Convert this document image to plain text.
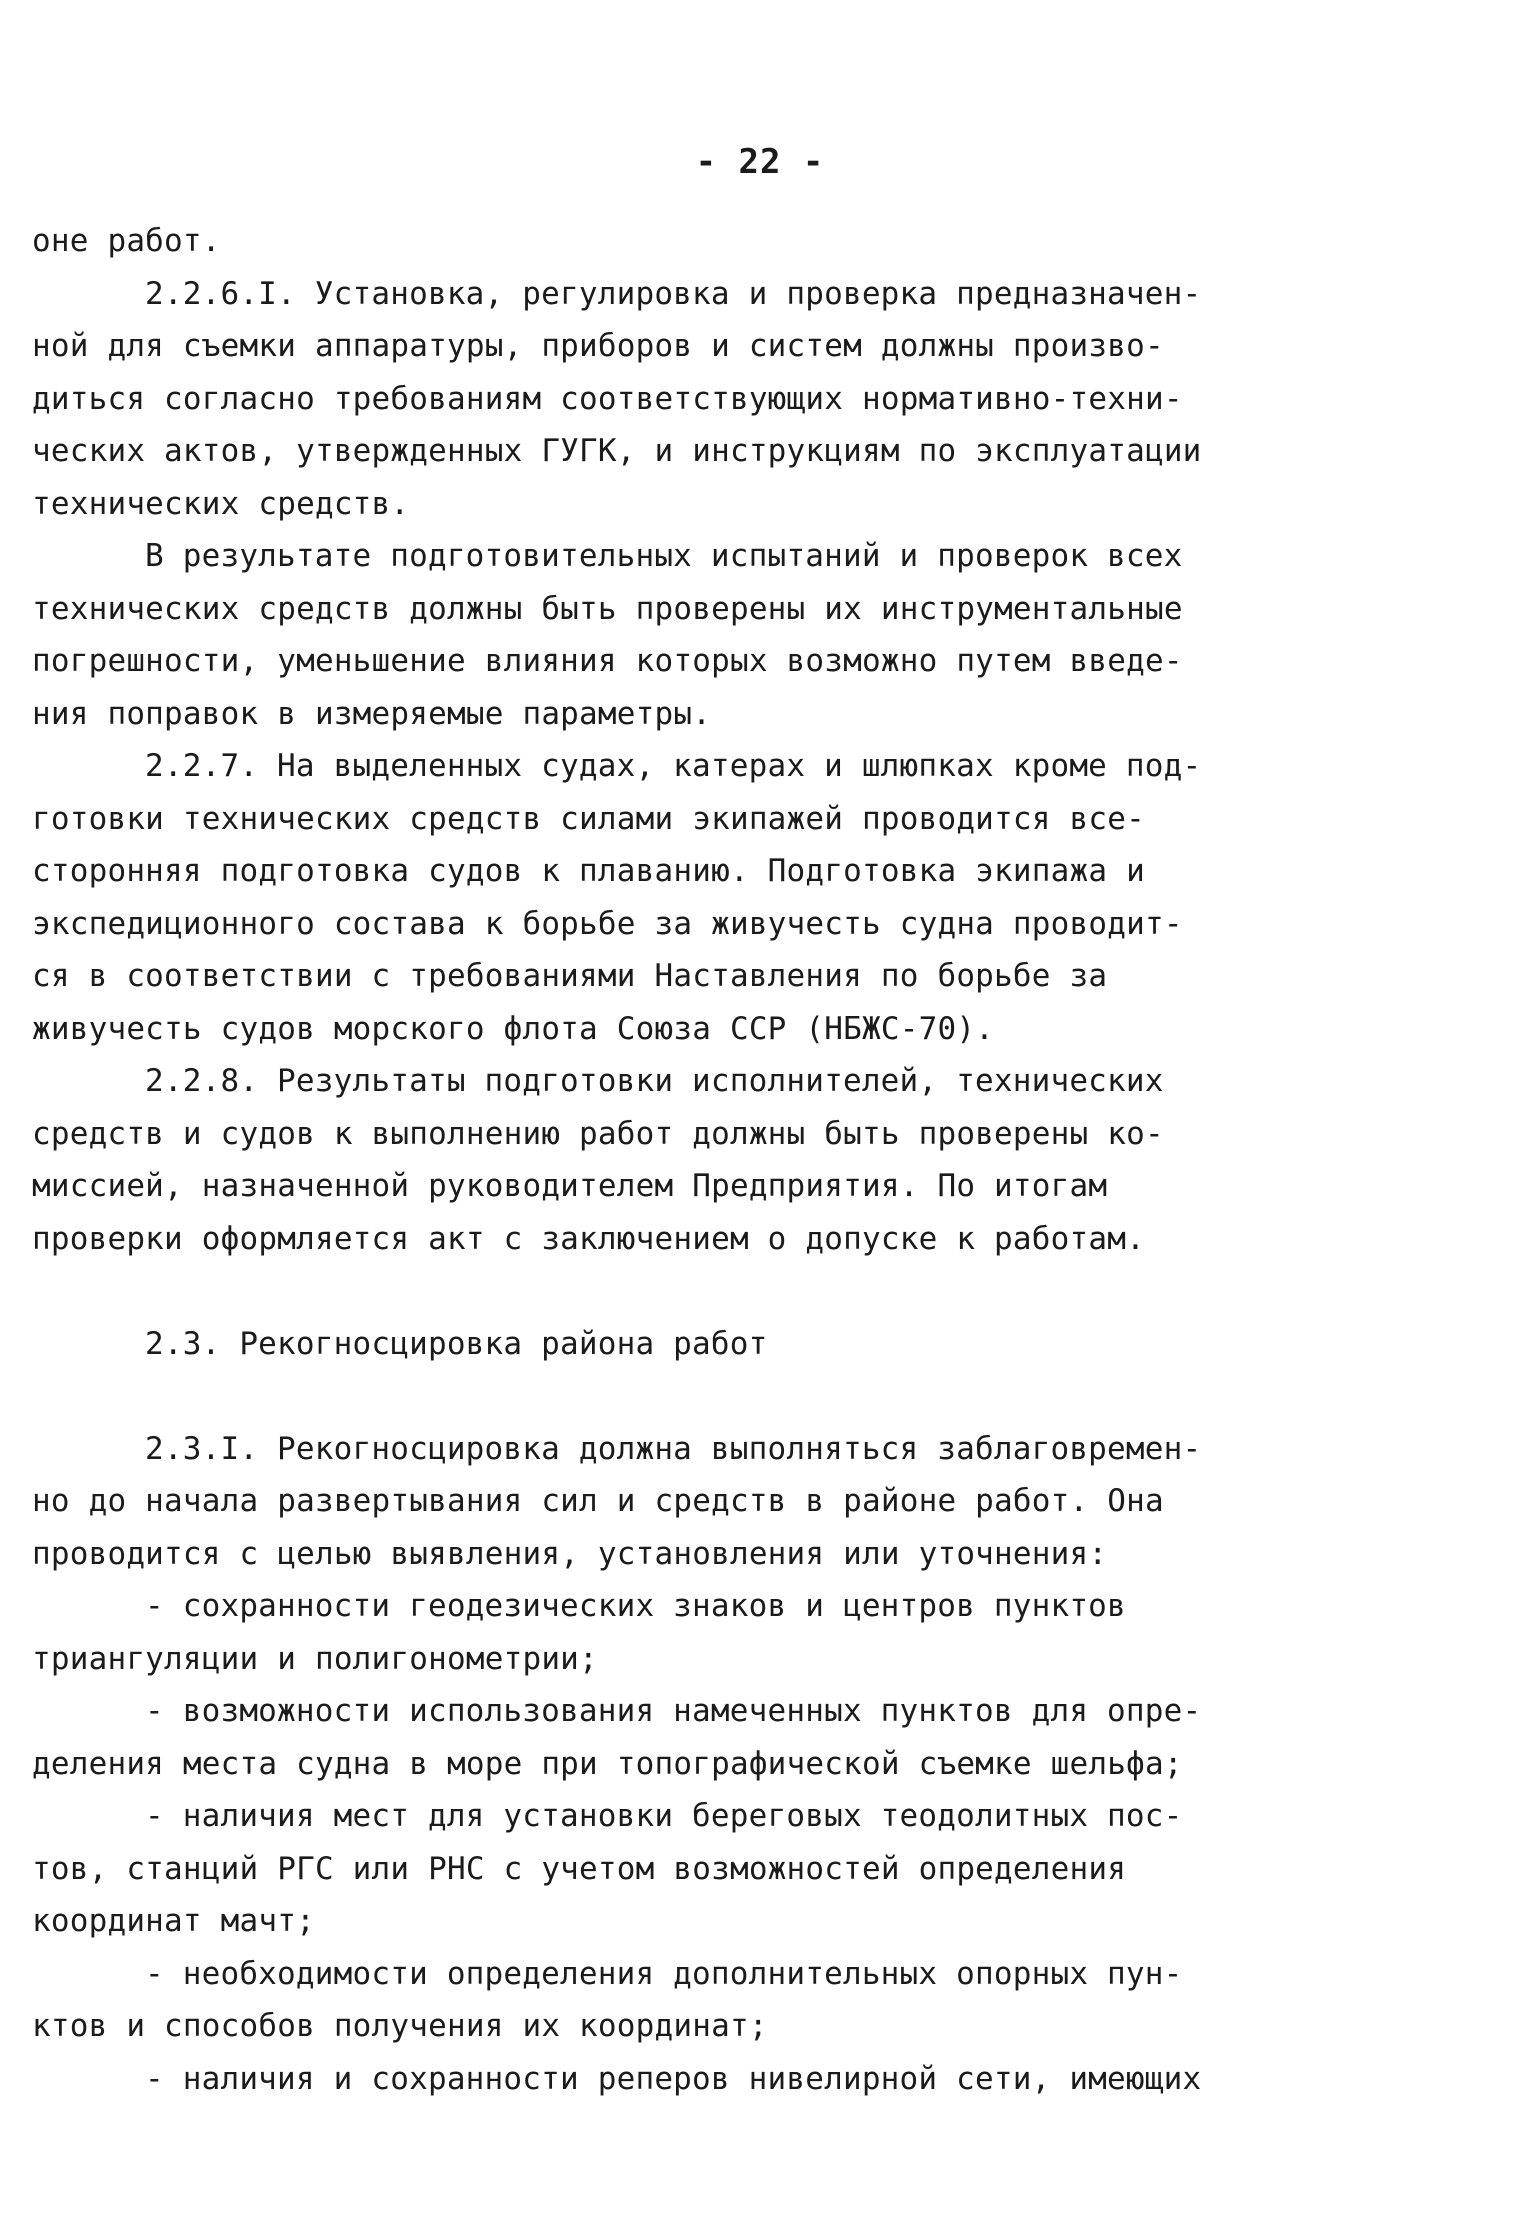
- 22 -
оне работ.
2.2.6.I. Установка, регулировка и проверка предназначен-
ной для съемки аппаратуры, приборов и систем должны произво-
диться согласно требованиям соответствующих нормативно-техни-
ческих актов, утвержденных ГУГК, и инструкциям по эксплуатации
технических средств.
В результате подготовительных испытаний и проверок всех
технических средств должны быть проверены их инструментальные
погрешности, уменьшение влияния которых возможно путем введе-
ния поправок в измеряемые параметры.
2.2.7. На выделенных судах, катерах и шлюпках кроме под-
готовки технических средств силами экипажей проводится все-
сторонняя подготовка судов к плаванию. Подготовка экипажа и
экспедиционного состава к борьбе за живучесть судна проводит-
ся в соответствии с требованиями Наставления по борьбе за
живучесть судов морского флота Союза ССР (НБЖС-70).
2.2.8. Результаты подготовки исполнителей, технических
средств и судов к выполнению работ должны быть проверены ко-
миссией, назначенной руководителем Предприятия. По итогам
проверки оформляется акт с заключением о допуске к работам.
2.3. Рекогносцировка района работ
2.3.I. Рекогносцировка должна выполняться заблаговремен-
но до начала развертывания сил и средств в районе работ. Она
проводится с целью выявления, установления или уточнения:
- сохранности геодезических знаков и центров пунктов
триангуляции и полигонометрии;
- возможности использования намеченных пунктов для опре-
деления места судна в море при топографической съемке шельфа;
- наличия мест для установки береговых теодолитных пос-
тов, станций РГС или РНС с учетом возможностей определения
координат мачт;
- необходимости определения дополнительных опорных пун-
ктов и способов получения их координат;
- наличия и сохранности реперов нивелирной сети, имеющих
